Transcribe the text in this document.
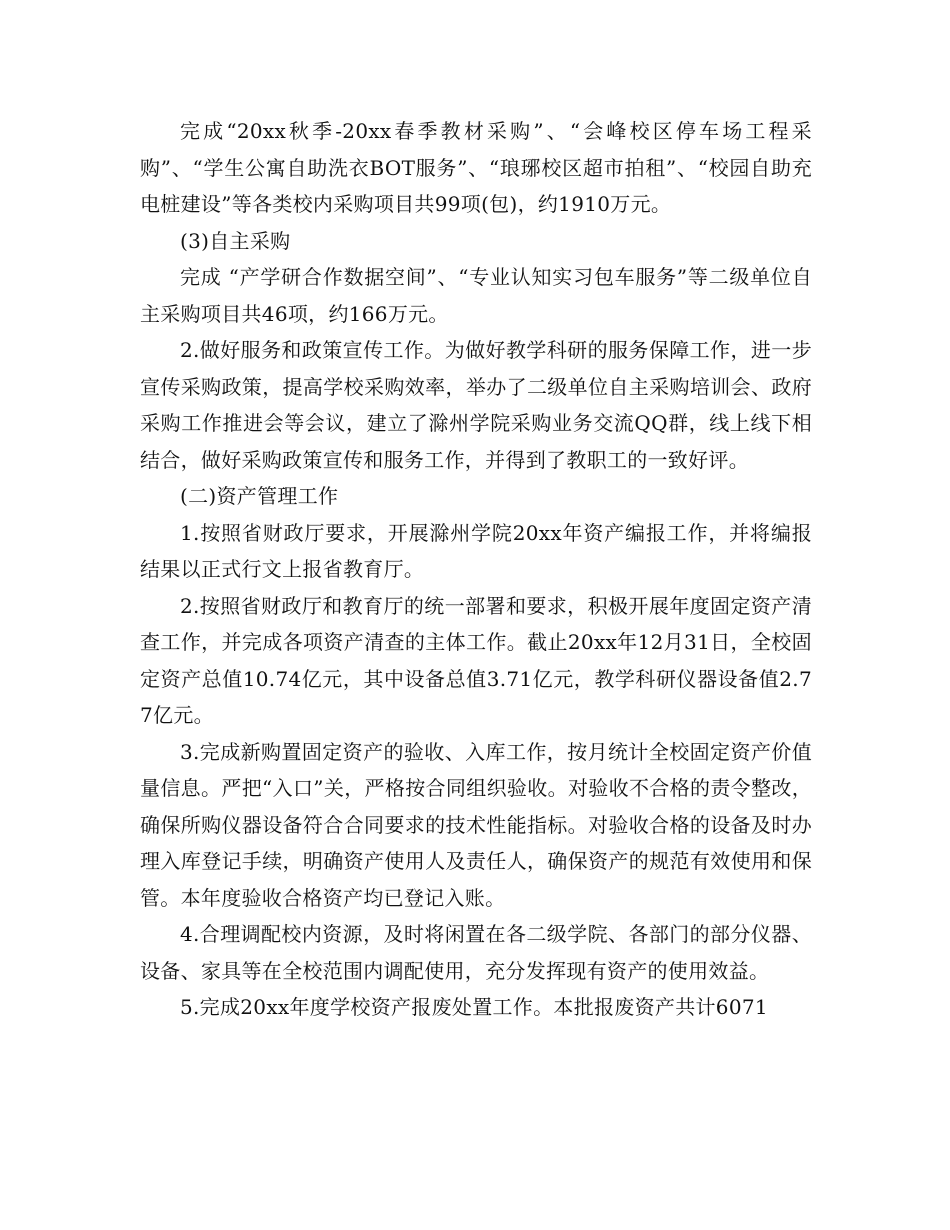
完成“20xx秋季-20xx春季教材采购”、“会峰校区停车场工程采购”、“学生公寓自助洗衣BOT服务”、“琅琊校区超市拍租”、“校园自助充电桩建设”等各类校内采购项目共99项(包)，约1910万元。

(3)自主采购

完成 “产学研合作数据空间”、“专业认知实习包车服务”等二级单位自主采购项目共46项，约166万元。

2.做好服务和政策宣传工作。为做好教学科研的服务保障工作，进一步宣传采购政策，提高学校采购效率，举办了二级单位自主采购培训会、政府采购工作推进会等会议，建立了滁州学院采购业务交流QQ群，线上线下相结合，做好采购政策宣传和服务工作，并得到了教职工的一致好评。

(二)资产管理工作

1.按照省财政厅要求，开展滁州学院20xx年资产编报工作，并将编报结果以正式行文上报省教育厅。

2.按照省财政厅和教育厅的统一部署和要求，积极开展年度固定资产清查工作，并完成各项资产清查的主体工作。截止20xx年12月31日，全校固定资产总值10.74亿元，其中设备总值3.71亿元，教学科研仪器设备值2.77亿元。

3.完成新购置固定资产的验收、入库工作，按月统计全校固定资产价值量信息。严把“入口”关，严格按合同组织验收。对验收不合格的责令整改，确保所购仪器设备符合合同要求的技术性能指标。对验收合格的设备及时办理入库登记手续，明确资产使用人及责任人，确保资产的规范有效使用和保管。本年度验收合格资产均已登记入账。

4.合理调配校内资源，及时将闲置在各二级学院、各部门的部分仪器、设备、家具等在全校范围内调配使用，充分发挥现有资产的使用效益。

5.完成20xx年度学校资产报废处置工作。本批报废资产共计6071
